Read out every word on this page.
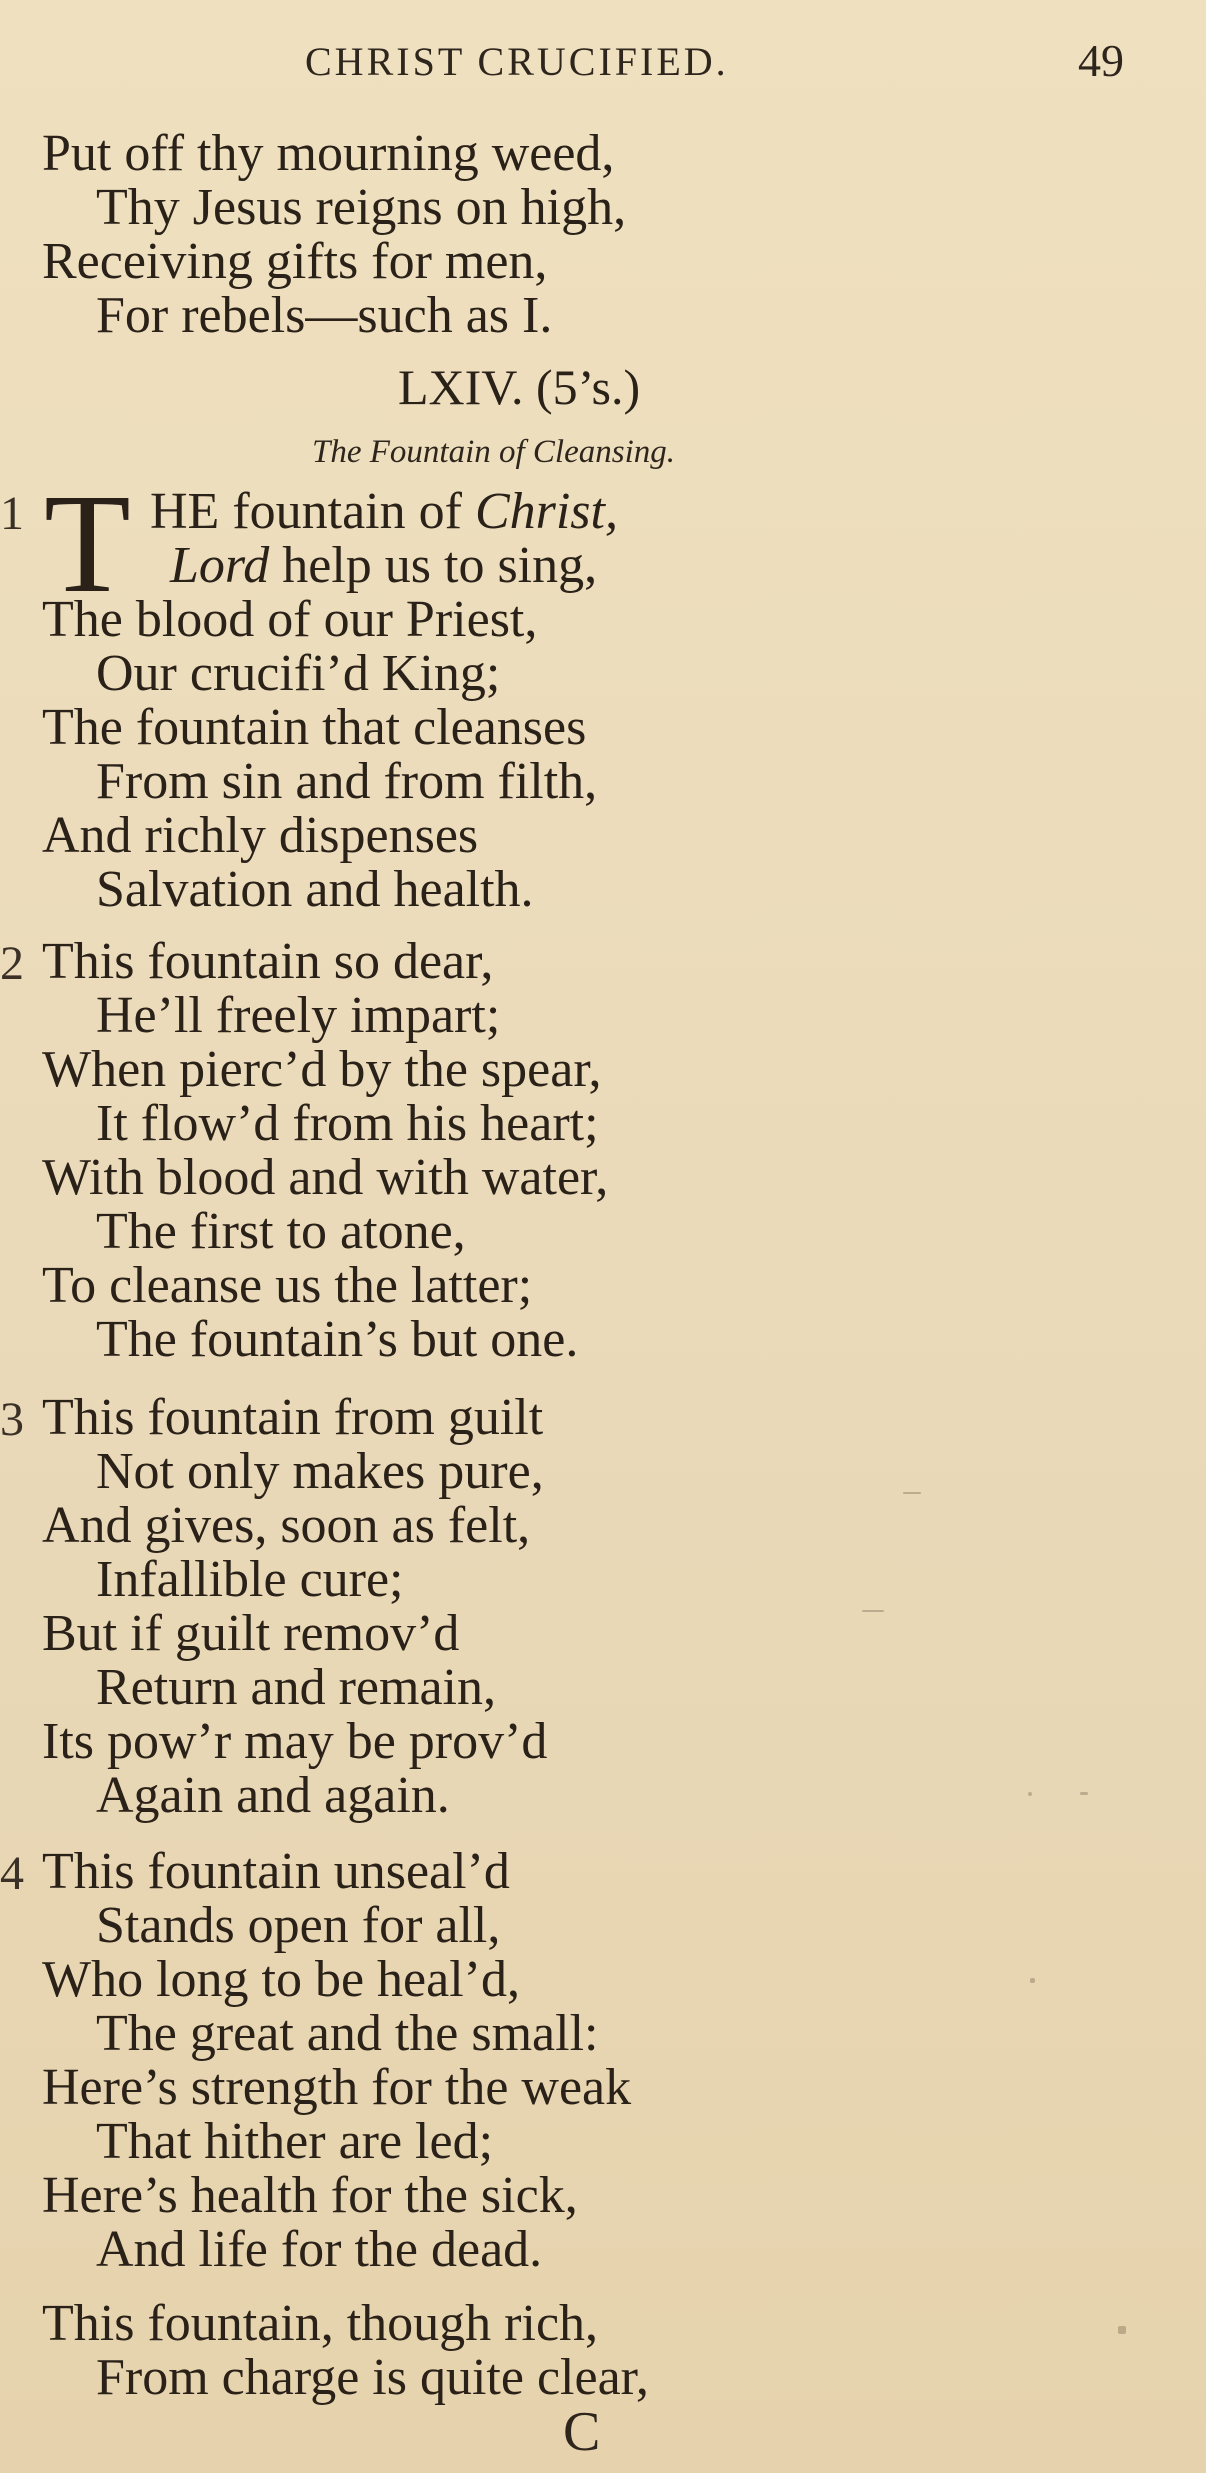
CHRIST CRUCIFIED.	49
Put off thy mourning weed,
Thy Jesus reigns on high,
Receiving gifts for men,
For rebels—such as I.
LXIV. (5’s.)
The Fountain of Cleansing.
1 T HE fountain of Christ,
Lord help us to sing,
The blood of our Priest,
Our crucifi’d King;
The fountain that cleanses
From sin and from filth,
And richly dispenses
Salvation and health.
2 This fountain so dear,
He’ll freely impart;
When pierc’d by the spear,
It flow’d from his heart;
With blood and with water,
The first to atone,
To cleanse us the latter;
The fountain’s but one.
3 This fountain from guilt
Not only makes pure,
And gives, soon as felt,
Infallible cure;
But if guilt remov’d
Return and remain,
Its pow’r may be prov’d
Again and again.
4 This fountain unseal’d
Stands open for all,
Who long to be heal’d,
The great and the small:
Here’s strength for the weak
That hither are led;
Here’s health for the sick,
And life for the dead.
This fountain, though rich,
From charge is quite clear,
C
